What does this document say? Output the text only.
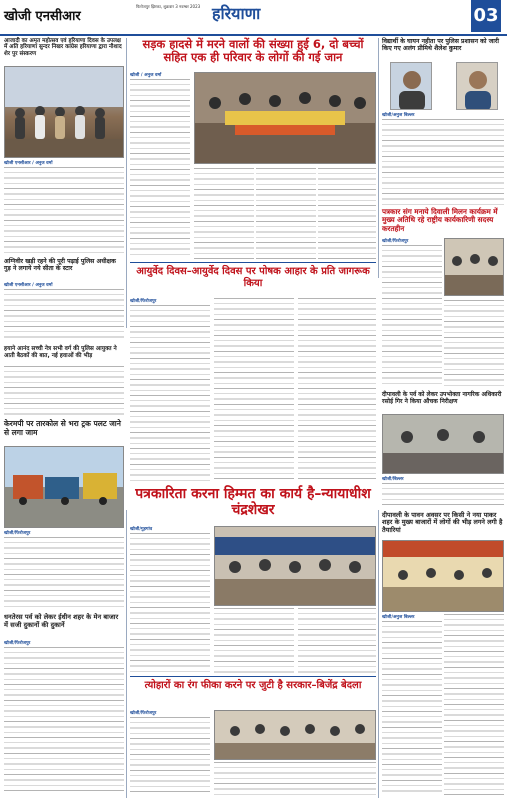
खोजी एनसीआर
फिरोजपुर झिरका, शुक्रवार 3 नवम्बर 2023 हरियाणा	03
आजादी का अमृत महोत्सव एवं हरियाणा दिवस के उपलक्ष में अति हरियाणा सुन्दर निखर कांग्रेस हरियाणा द्वारा नौशाद शेर पुर संस्करण
खोजी एनसीआर / अनुज वर्मा
अग्निवीर खड़ी रहने की पूरी पढ़ाई पुलिस अधीक्षक गुड़ ने लगाये नये सीता के स्टार
खोजी एनसीआर / अनुज वर्मा
हयाने आनंद सच्ची नेत्र सभी वर्ग की पुलिस आयुक्त ने आती बैठकों की बात, नई हवाओं की भीड़
केरमपी पर तारकोल से भरा ट्रक पलट जाने से लगा जाम
खोजी/फिरोजपुर
धनतेरस पर्व को लेकर ईधीन शहर के मेन बाजार में सजी दुकानों की दुकानें
खोजी/फिरोजपुर
सड़क हादसे में मरने वालों की संख्या हुई 6, दो बच्चों सहित एक ही परिवार के लोगों की गई जान
खोजी / अनुज वर्मा
आयुर्वेद दिवस–आयुर्वेद दिवस पर पोषक आहार के प्रति जागरूक किया
खोजी/फिरोजपुर
विद्यार्थी के घायन नहीता पर पुलिस प्रशासन को जारी किए गए अलंग प्रीमिथे शैलेश कुमार
खोजी/अनुज बिल्लर
पत्रकार संग मनाये दिवाली मिलन कार्यक्रम में मुख्य अतिथि रहे राष्ट्रीय कार्यकारिणी सदस्य करतहीन
खोजी/फिरोजपुर
दीपावली के पर्व को लेकर उपभोक्ता नागरिक अधिकारी रसोई गिर ने किया औचक निरीक्षण
खोजी/बिल्लर
पत्रकारिता करना हिम्मत का कार्य है–न्यायाधीश चंद्रशेखर
खोजी/गुड़गांव
त्योहारों का रंग फीका करने पर जुटी है सरकार–बिजेंद्र बेदला
खोजी/फिरोजपुर
दीपावली के पावन अवसर पर किसी ने नया पाकर शहर के मुख्य बाजारों में लोगों की भीड़ लगने लगी है तैयारियां
खोजी/अनुज बिल्लर
